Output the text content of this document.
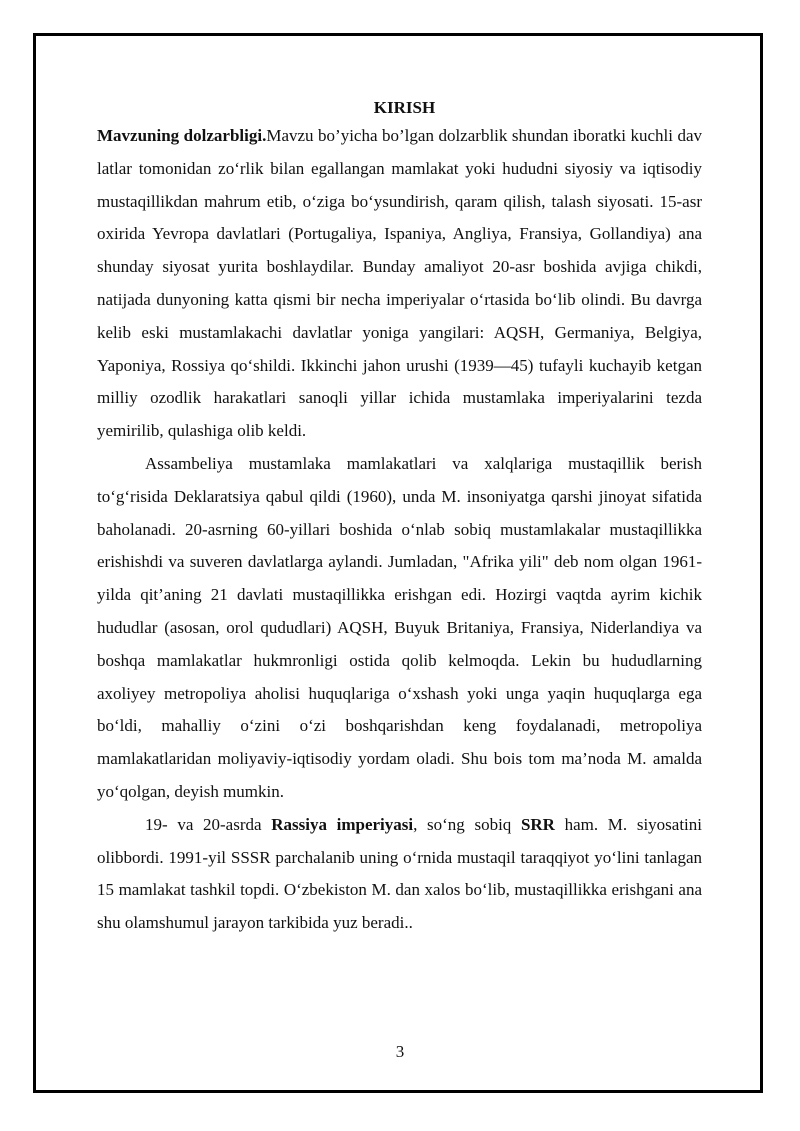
KIRISH

Mavzuning dolzarbligi.Mavzu bo’yicha bo’lgan dolzarblik shundan iboratki kuchli dav latlar tomonidan zoʻrlik bilan egallangan mamlakat yoki hududni siyosiy va iqtisodiy mustaqillikdan mahrum etib, oʻziga boʻysundirish, qaram qilish, talash siyosati. 15-asr oxirida Yevropa davlatlari (Portugaliya, Ispaniya, Angliya, Fransiya, Gollandiya) ana shunday siyosat yurita boshlaydilar. Bunday amaliyot 20-asr boshida avjiga chikdi, natijada dunyoning katta qismi bir necha imperiyalar oʻrtasida boʻlib olindi. Bu davrga kelib eski mustamlakachi davlatlar yoniga yangilari: AQSH, Germaniya, Belgiya, Yaponiya, Rossiya qoʻshildi. Ikkinchi jahon urushi (1939—45) tufayli kuchayib ketgan milliy ozodlik harakatlari sanoqli yillar ichida mustamlaka imperiyalarini tezda yemirilib, qulashiga olib keldi.

Assambeliya mustamlaka mamlakatlari va xalqlariga mustaqillik berish toʻgʻrisida Deklaratsiya qabul qildi (1960), unda M. insoniyatga qarshi jinoyat sifatida baholanadi. 20-asrning 60-yillari boshida oʻnlab sobiq mustamlakalar mustaqillikka erishishdi va suveren davlatlarga aylandi. Jumladan, "Afrika yili" deb nom olgan 1961-yilda qit’aning 21 davlati mustaqillikka erishgan edi. Hozirgi vaqtda ayrim kichik hududlar (asosan, orol qududlari) AQSH, Buyuk Britaniya, Fransiya, Niderlandiya va boshqa mamlakatlar hukmronligi ostida qolib kelmoqda. Lekin bu hududlarning axoliyey metropoliya aholisi huquqlariga oʻxshash yoki unga yaqin huquqlarga ega boʻldi, mahalliy oʻzini oʻzi boshqarishdan keng foydalanadi, metropoliya mamlakatlaridan moliyaviy-iqtisodiy yordam oladi. Shu bois tom ma’noda M. amalda yoʻqolgan, deyish mumkin.

19- va 20-asrda Rassiya imperiyasi, soʻng sobiq SRR ham. M. siyosatini olibbordi. 1991-yil SSSR parchalanib uning oʻrnida mustaqil taraqqiyot yoʻlini tanlagan 15 mamlakat tashkil topdi. Oʻzbekiston M. dan xalos boʻlib, mustaqillikka erishgani ana shu olamshumul jarayon tarkibida yuz beradi..

3
